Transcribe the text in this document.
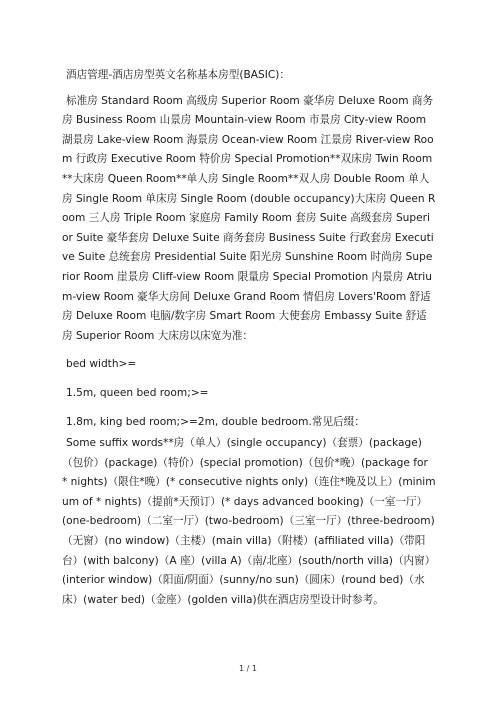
酒店管理-酒店房型英文名称基本房型(BASIC)：

标准房 Standard Room 高级房 Superior Room 豪华房 Deluxe Room 商务房 Business Room 山景房 Mountain-view Room 市景房 City-view Room 湖景房 Lake-view Room 海景房 Ocean-view Room 江景房 River-view Room 行政房 Executive Room 特价房 Special Promotion**双床房 Twin Room**大床房 Queen Room**单人房 Single Room**双人房 Double Room 单人房 Single Room 单床房 Single Room (double occupancy)大床房 Queen Room 三人房 Triple Room 家庭房 Family Room 套房 Suite 高级套房 Superior Suite 豪华套房 Deluxe Suite 商务套房 Business Suite 行政套房 Executive Suite 总统套房 Presidential Suite 阳光房 Sunshine Room 时尚房 Superior Room 崖景房 Cliff-view Room 限量房 Special Promotion 内景房 Atrium-view Room 豪华大房间 Deluxe Grand Room 情侣房 Lovers'Room 舒适房 Deluxe Room 电脑/数字房 Smart Room 大使套房 Embassy Suite 舒适房 Superior Room 大床房以床宽为准：

bed width>=

1.5m, queen bed room;>=

1.8m, king bed room;>=2m, double bedroom.常见后缀：

Some suffix words**房（单人）(single occupancy)（套票）(package)（包价）(package)（特价）(special promotion)（包价*晚）(package for * nights)（限住*晚）(* consecutive nights only)（连住*晚及以上）(minimum of * nights)（提前*天预订）(* days advanced booking)（一室一厅）(one-bedroom)（二室一厅）(two-bedroom)（三室一厅）(three-bedroom)（无窗）(no window)（主楼）(main villa)（附楼）(affiliated villa)（带阳台）(with balcony)（A 座）(villa A)（南/北座）(south/north villa)（内窗）(interior window)（阳面/阴面）(sunny/no sun)（圆床）(round bed)（水床）(water bed)（金座）(golden villa)供在酒店房型设计时参考。

1 / 1
